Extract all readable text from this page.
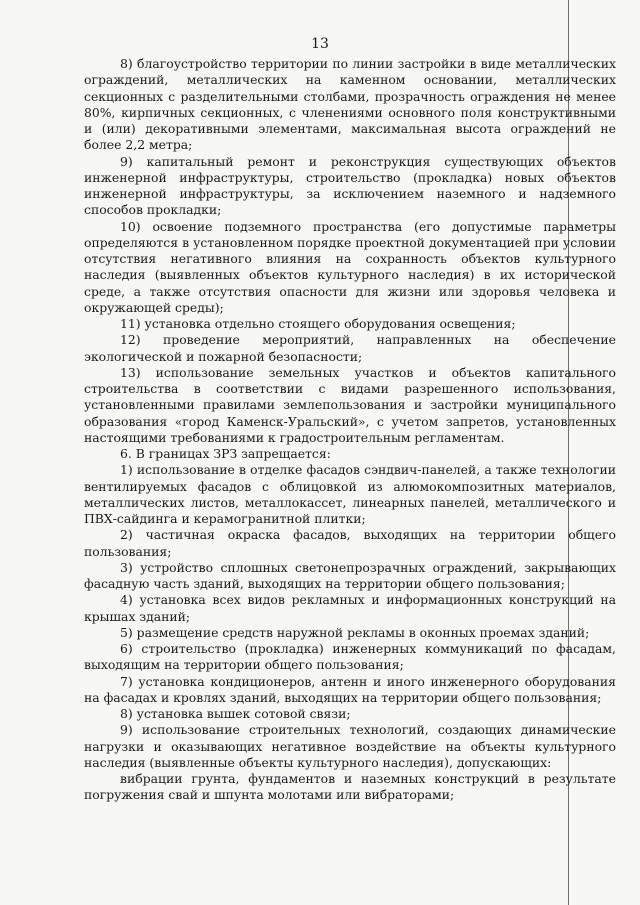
13

8) благоустройство территории по линии застройки в виде металлических ограждений, металлических на каменном основании, металлических секционных с разделительными столбами, прозрачность ограждения не менее 80%, кирпичных секционных, с членениями основного поля конструктивными и (или) декоративными элементами, максимальная высота ограждений не более 2,2 метра;

9) капитальный ремонт и реконструкция существующих объектов инженерной инфраструктуры, строительство (прокладка) новых объектов инженерной инфраструктуры, за исключением наземного и надземного способов прокладки;

10) освоение подземного пространства (его допустимые параметры определяются в установленном порядке проектной документацией при условии отсутствия негативного влияния на сохранность объектов культурного наследия (выявленных объектов культурного наследия) в их исторической среде, а также отсутствия опасности для жизни или здоровья человека и окружающей среды);

11) установка отдельно стоящего оборудования освещения;

12) проведение мероприятий, направленных на обеспечение экологической и пожарной безопасности;

13) использование земельных участков и объектов капитального строительства в соответствии с видами разрешенного использования, установленными правилами землепользования и застройки муниципального образования «город Каменск-Уральский», с учетом запретов, установленных настоящими требованиями к градостроительным регламентам.

6. В границах ЗРЗ запрещается:

1) использование в отделке фасадов сэндвич-панелей, а также технологии вентилируемых фасадов с облицовкой из алюмокомпозитных материалов, металлических листов, металлокассет, линеарных панелей, металлического и ПВХ-сайдинга и керамогранитной плитки;

2) частичная окраска фасадов, выходящих на территории общего пользования;

3) устройство сплошных светонепрозрачных ограждений, закрывающих фасадную часть зданий, выходящих на территории общего пользования;

4) установка всех видов рекламных и информационных конструкций на крышах зданий;

5) размещение средств наружной рекламы в оконных проемах зданий;

6) строительство (прокладка) инженерных коммуникаций по фасадам, выходящим на территории общего пользования;

7) установка кондиционеров, антенн и иного инженерного оборудования на фасадах и кровлях зданий, выходящих на территории общего пользования;

8) установка вышек сотовой связи;

9) использование строительных технологий, создающих динамические нагрузки и оказывающих негативное воздействие на объекты культурного наследия (выявленные объекты культурного наследия), допускающих:

вибрации грунта, фундаментов и наземных конструкций в результате погружения свай и шпунта молотами или вибраторами;
